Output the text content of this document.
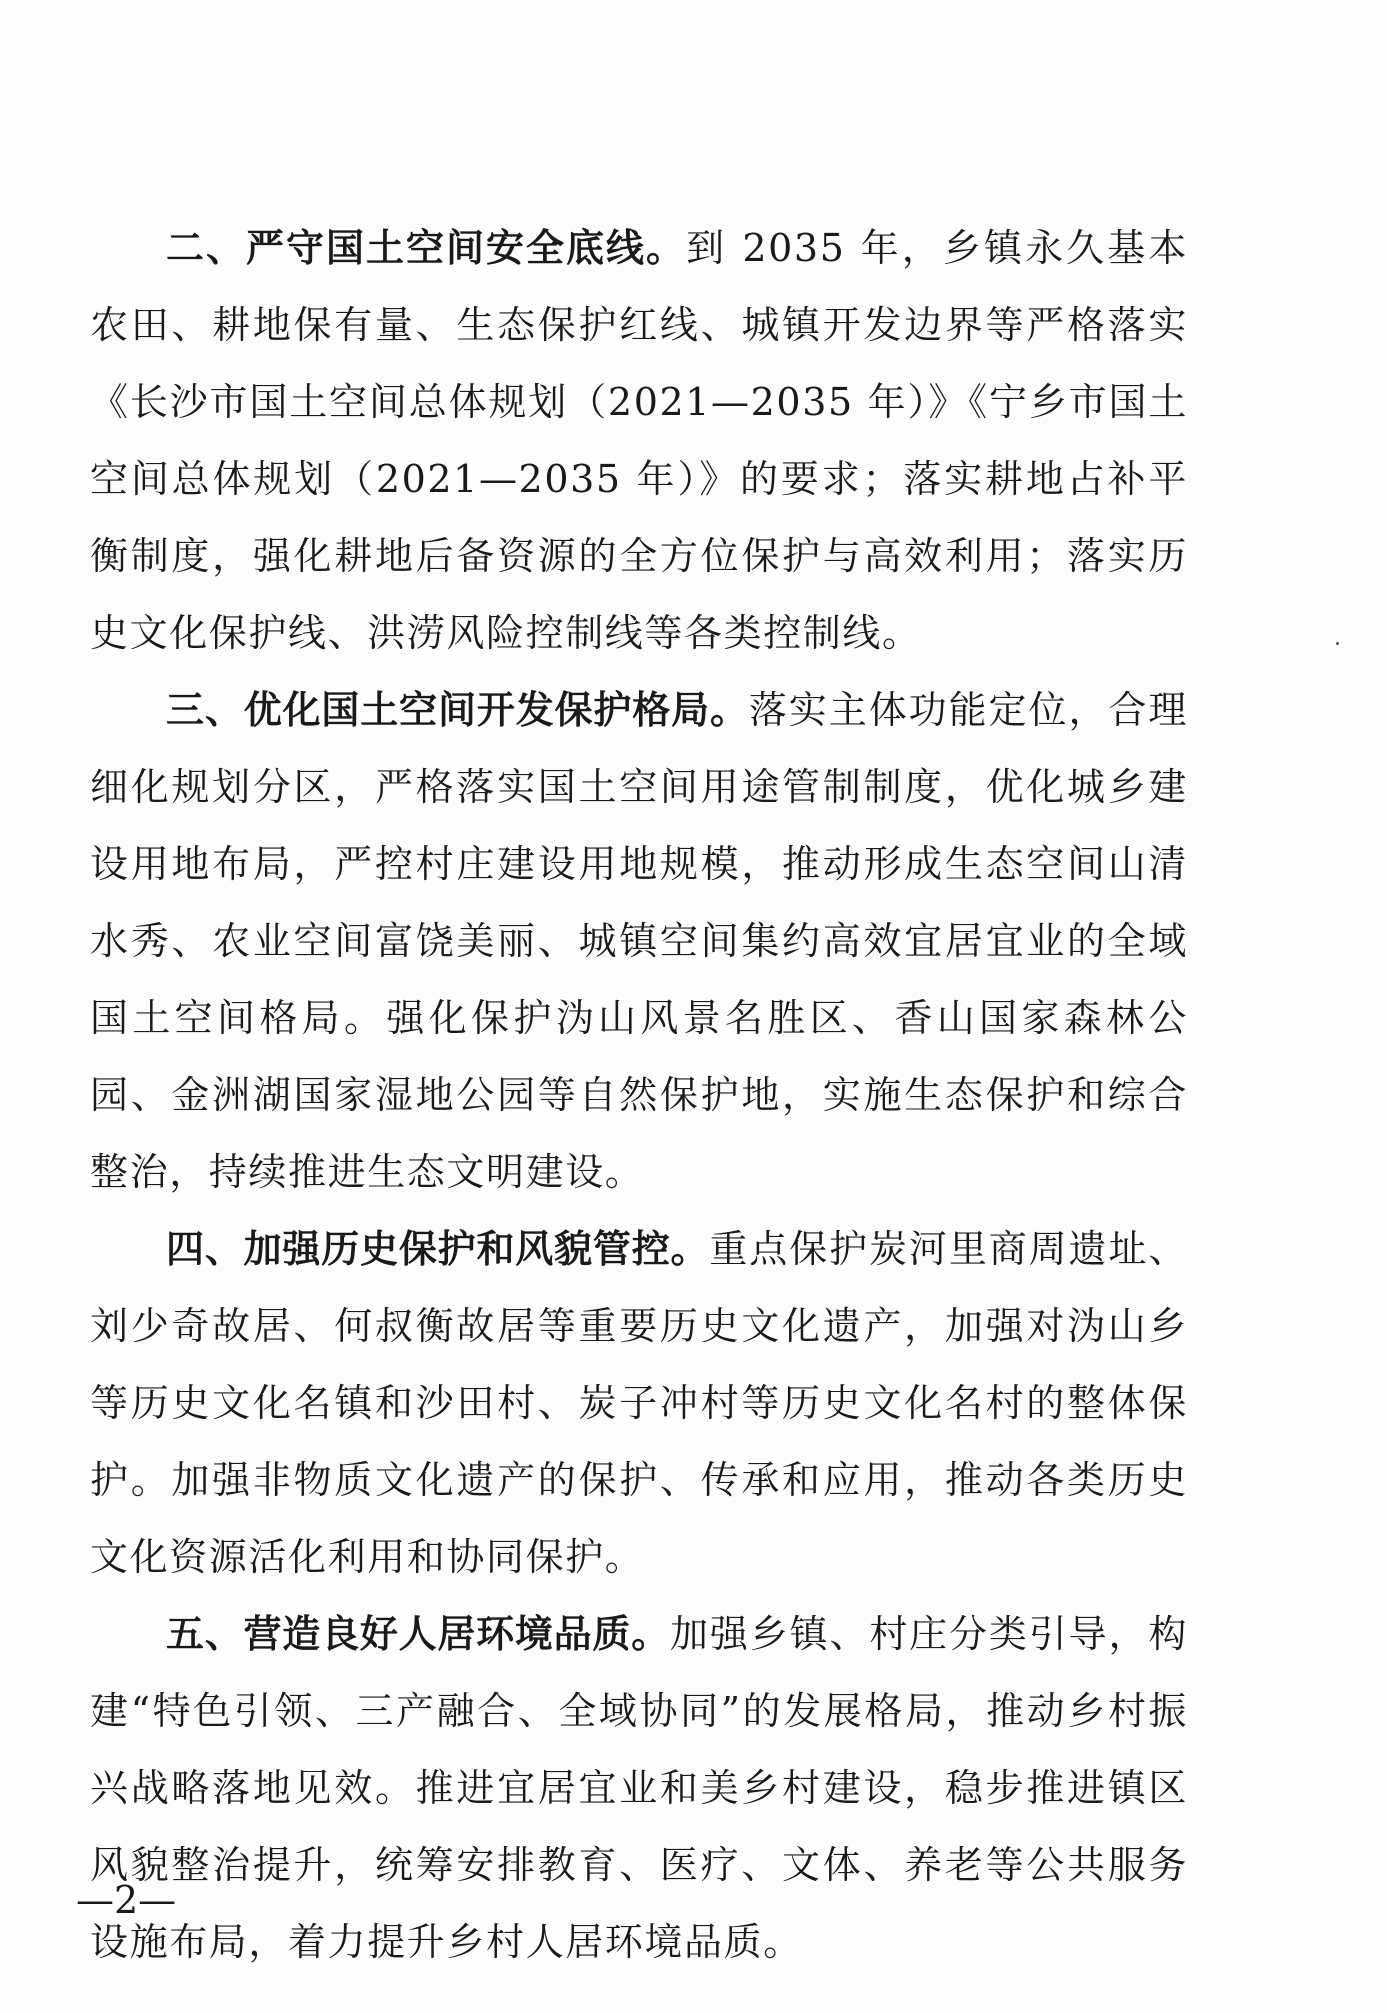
二、严守国土空间安全底线。到 2035 年，乡镇永久基本农田、耕地保有量、生态保护红线、城镇开发边界等严格落实《长沙市国土空间总体规划（2021—2035 年）》《宁乡市国土空间总体规划（2021—2035 年）》的要求；落实耕地占补平衡制度，强化耕地后备资源的全方位保护与高效利用；落实历史文化保护线、洪涝风险控制线等各类控制线。

三、优化国土空间开发保护格局。落实主体功能定位，合理细化规划分区，严格落实国土空间用途管制制度，优化城乡建设用地布局，严控村庄建设用地规模，推动形成生态空间山清水秀、农业空间富饶美丽、城镇空间集约高效宜居宜业的全域国土空间格局。强化保护沩山风景名胜区、香山国家森林公园、金洲湖国家湿地公园等自然保护地，实施生态保护和综合整治，持续推进生态文明建设。

四、加强历史保护和风貌管控。重点保护炭河里商周遗址、刘少奇故居、何叔衡故居等重要历史文化遗产，加强对沩山乡等历史文化名镇和沙田村、炭子冲村等历史文化名村的整体保护。加强非物质文化遗产的保护、传承和应用，推动各类历史文化资源活化利用和协同保护。

五、营造良好人居环境品质。加强乡镇、村庄分类引导，构建“特色引领、三产融合、全域协同”的发展格局，推动乡村振兴战略落地见效。推进宜居宜业和美乡村建设，稳步推进镇区风貌整治提升，统筹安排教育、医疗、文体、养老等公共服务设施布局，着力提升乡村人居环境品质。

—2—
